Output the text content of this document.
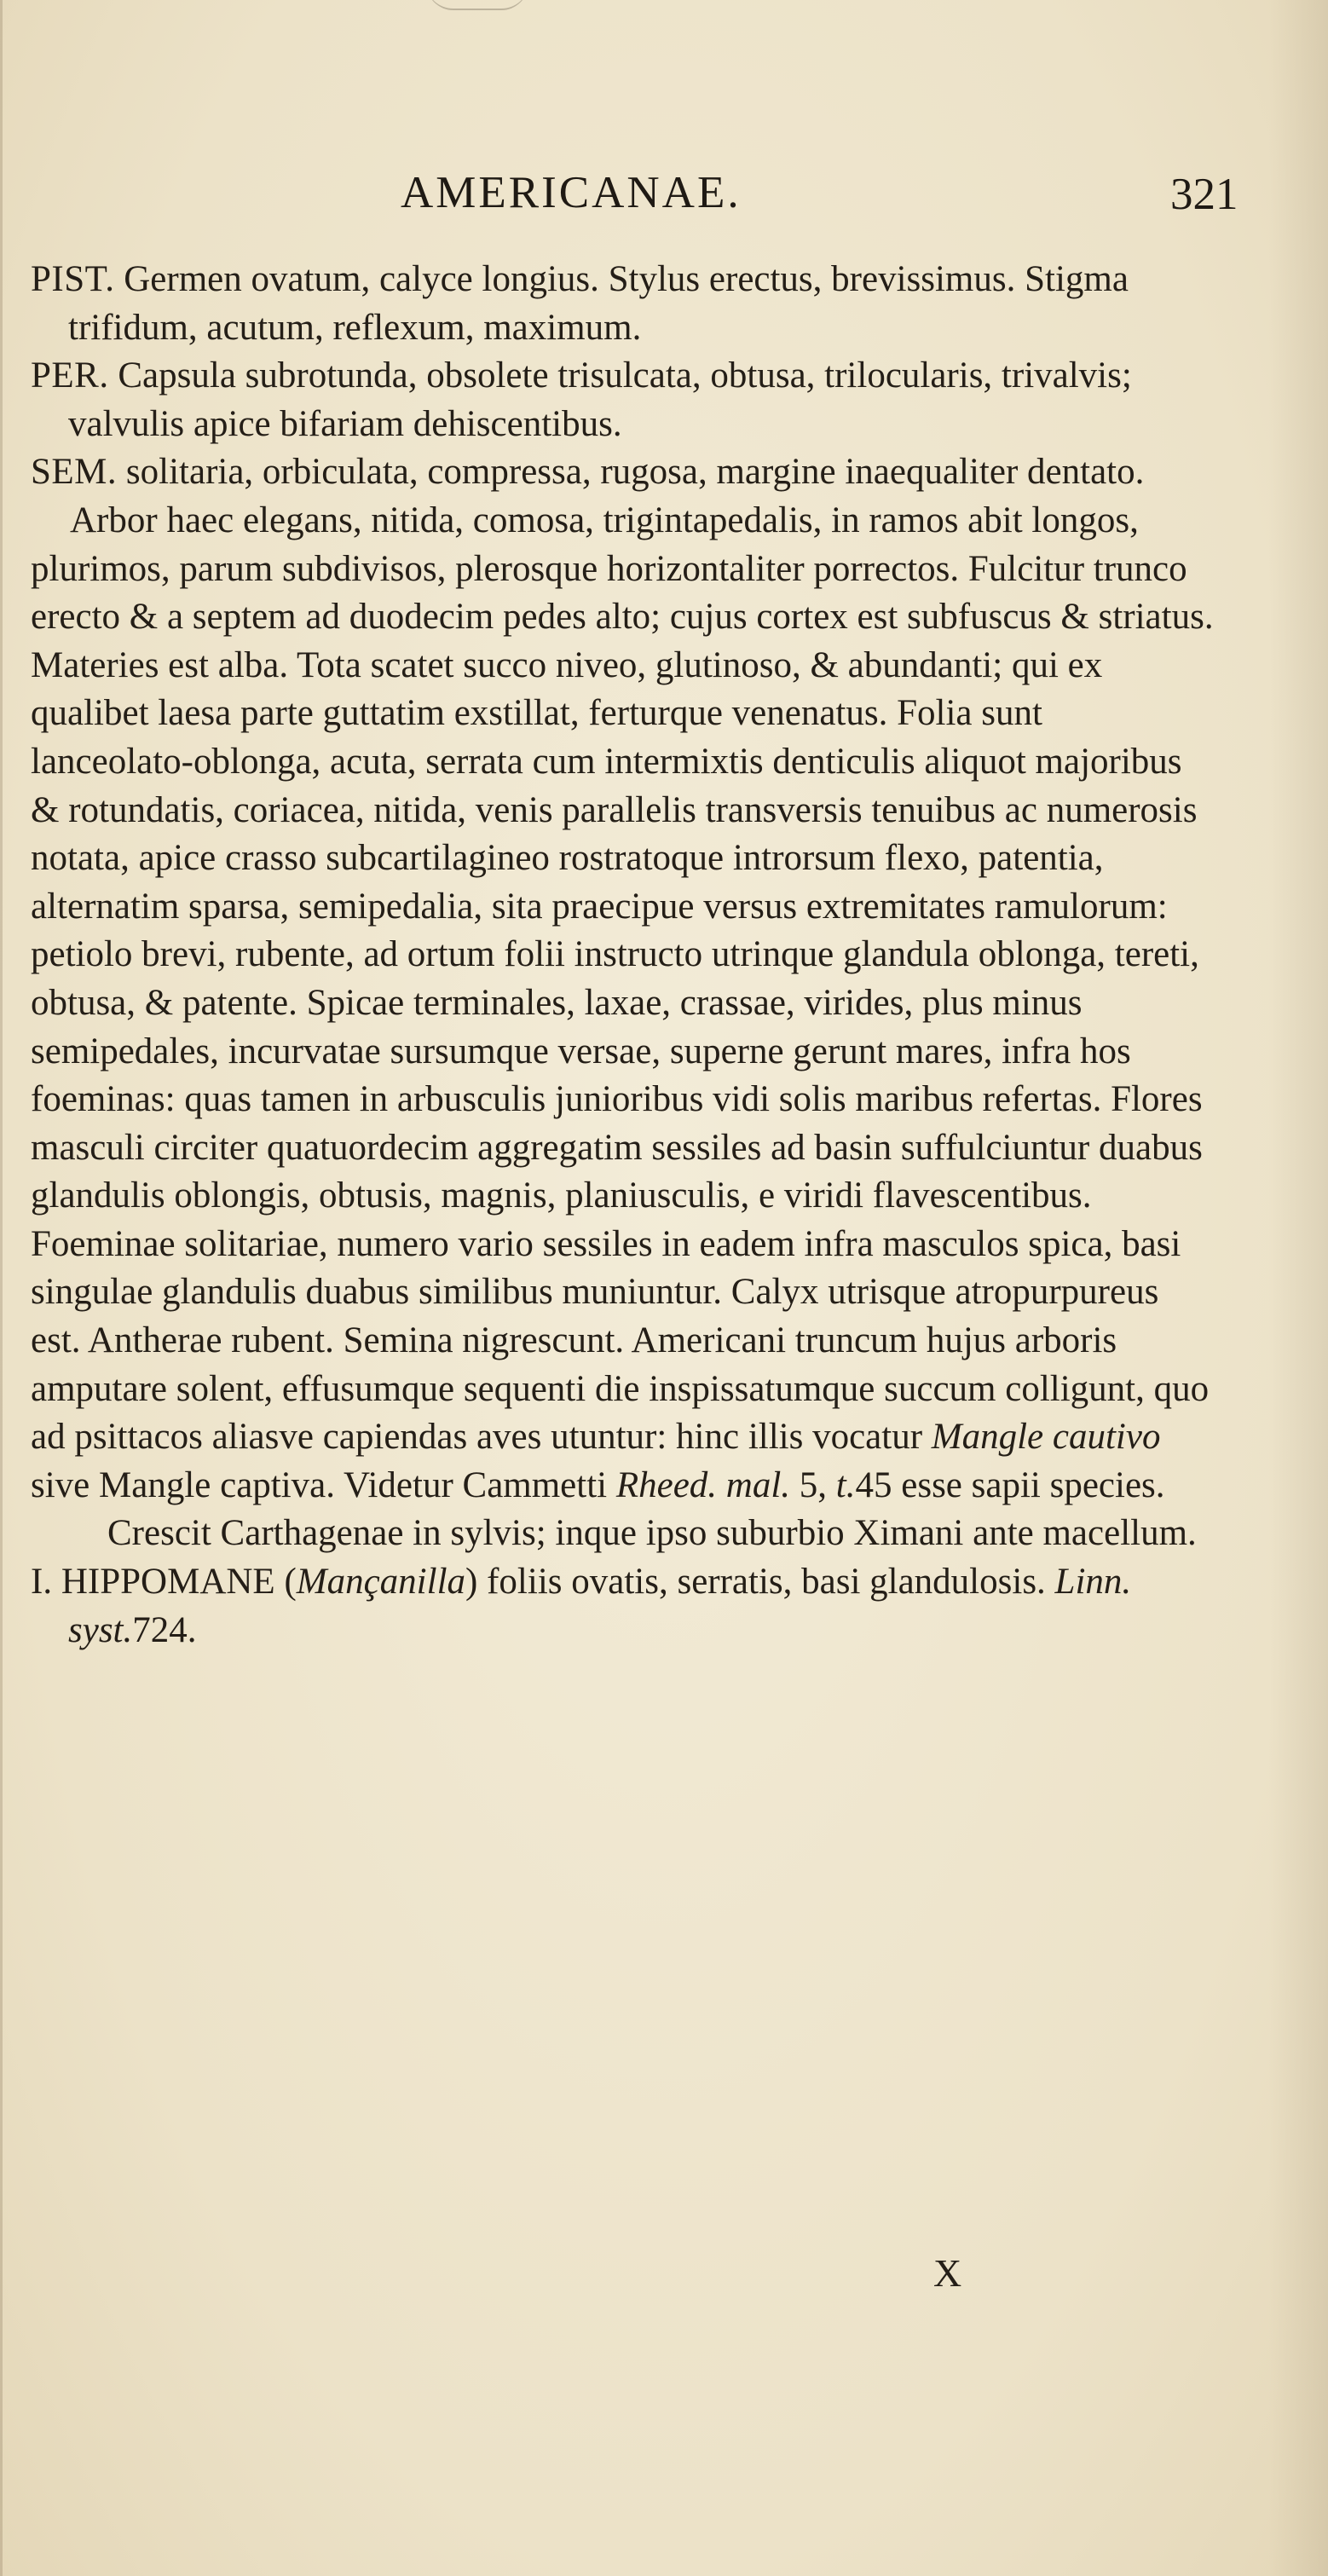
AMERICANAE.	321

PIST. Germen ovatum, calyce longius. Stylus erectus, brevissimus. Stigma trifidum, acutum, reflexum, maximum.

PER. Capsula subrotunda, obsolete trisulcata, obtusa, trilocularis, trivalvis; valvulis apice bifariam dehiscentibus.

SEM. solitaria, orbiculata, compressa, rugosa, margine inaequaliter dentato.

Arbor haec elegans, nitida, comosa, trigintapedalis, in ramos abit longos, plurimos, parum subdivisos, plerosque horizontaliter porrectos. Fulcitur trunco erecto & a septem ad duodecim pedes alto; cujus cortex est subfuscus & striatus. Materies est alba. Tota scatet succo niveo, glutinoso, & abundanti; qui ex qualibet laesa parte guttatim exstillat, ferturque venenatus. Folia sunt lanceolato-oblonga, acuta, serrata cum intermixtis denticulis aliquot majoribus & rotundatis, coriacea, nitida, venis parallelis transversis tenuibus ac numerosis notata, apice crasso subcartilagineo rostratoque introrsum flexo, patentia, alternatim sparsa, semipedalia, sita praecipue versus extremitates ramulorum: petiolo brevi, rubente, ad ortum folii instructo utrinque glandula oblonga, tereti, obtusa, & patente. Spicae terminales, laxae, crassae, virides, plus minus semipedales, incurvatae sursumque versae, superne gerunt mares, infra hos foeminas: quas tamen in arbusculis junioribus vidi solis maribus refertas. Flores masculi circiter quatuordecim aggregatim sessiles ad basin suffulciuntur duabus glandulis oblongis, obtusis, magnis, planiusculis, e viridi flavescentibus. Foeminae solitariae, numero vario sessiles in eadem infra masculos spica, basi singulae glandulis duabus similibus muniuntur. Calyx utrisque atropurpureus est. Antherae rubent. Semina nigrescunt. Americani truncum hujus arboris amputare solent, effusumque sequenti die inspissatumque succum colligunt, quo ad psittacos aliasve capiendas aves utuntur: hinc illis vocatur Mangle cautivo sive Mangle captiva. Videtur Cammetti Rheed. mal. 5, t.45 esse sapii species.

Crescit Carthagenae in sylvis; inque ipso suburbio Ximani ante macellum.

I. HIPPOMANE (Mançanilla) foliis ovatis, serratis, basi glandulosis. Linn. syst.724.

X
